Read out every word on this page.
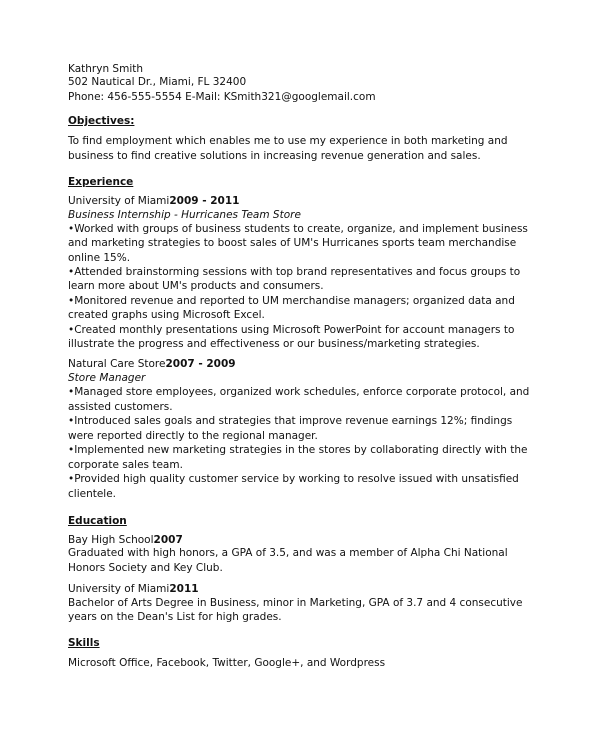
Kathryn Smith
502 Nautical Dr., Miami, FL 32400
Phone: 456-555-5554 E-Mail: KSmith321@googlemail.com
Objectives:
To find employment which enables me to use my experience in both marketing and
business to find creative solutions in increasing revenue generation and sales.
Experience
University of Miami2009 - 2011
Business Internship - Hurricanes Team Store
•Worked with groups of business students to create, organize, and implement business
and marketing strategies to boost sales of UM's Hurricanes sports team merchandise
online 15%.
•Attended brainstorming sessions with top brand representatives and focus groups to
learn more about UM's products and consumers.
•Monitored revenue and reported to UM merchandise managers; organized data and
created graphs using Microsoft Excel.
•Created monthly presentations using Microsoft PowerPoint for account managers to
illustrate the progress and effectiveness or our business/marketing strategies.
Natural Care Store2007 - 2009
Store Manager
•Managed store employees, organized work schedules, enforce corporate protocol, and
assisted customers.
•Introduced sales goals and strategies that improve revenue earnings 12%; findings
were reported directly to the regional manager.
•Implemented new marketing strategies in the stores by collaborating directly with the
corporate sales team.
•Provided high quality customer service by working to resolve issued with unsatisfied
clientele.
Education
Bay High School2007
Graduated with high honors, a GPA of 3.5, and was a member of Alpha Chi National
Honors Society and Key Club.
University of Miami2011
Bachelor of Arts Degree in Business, minor in Marketing, GPA of 3.7 and 4 consecutive
years on the Dean's List for high grades.
Skills
Microsoft Office, Facebook, Twitter, Google+, and Wordpress
